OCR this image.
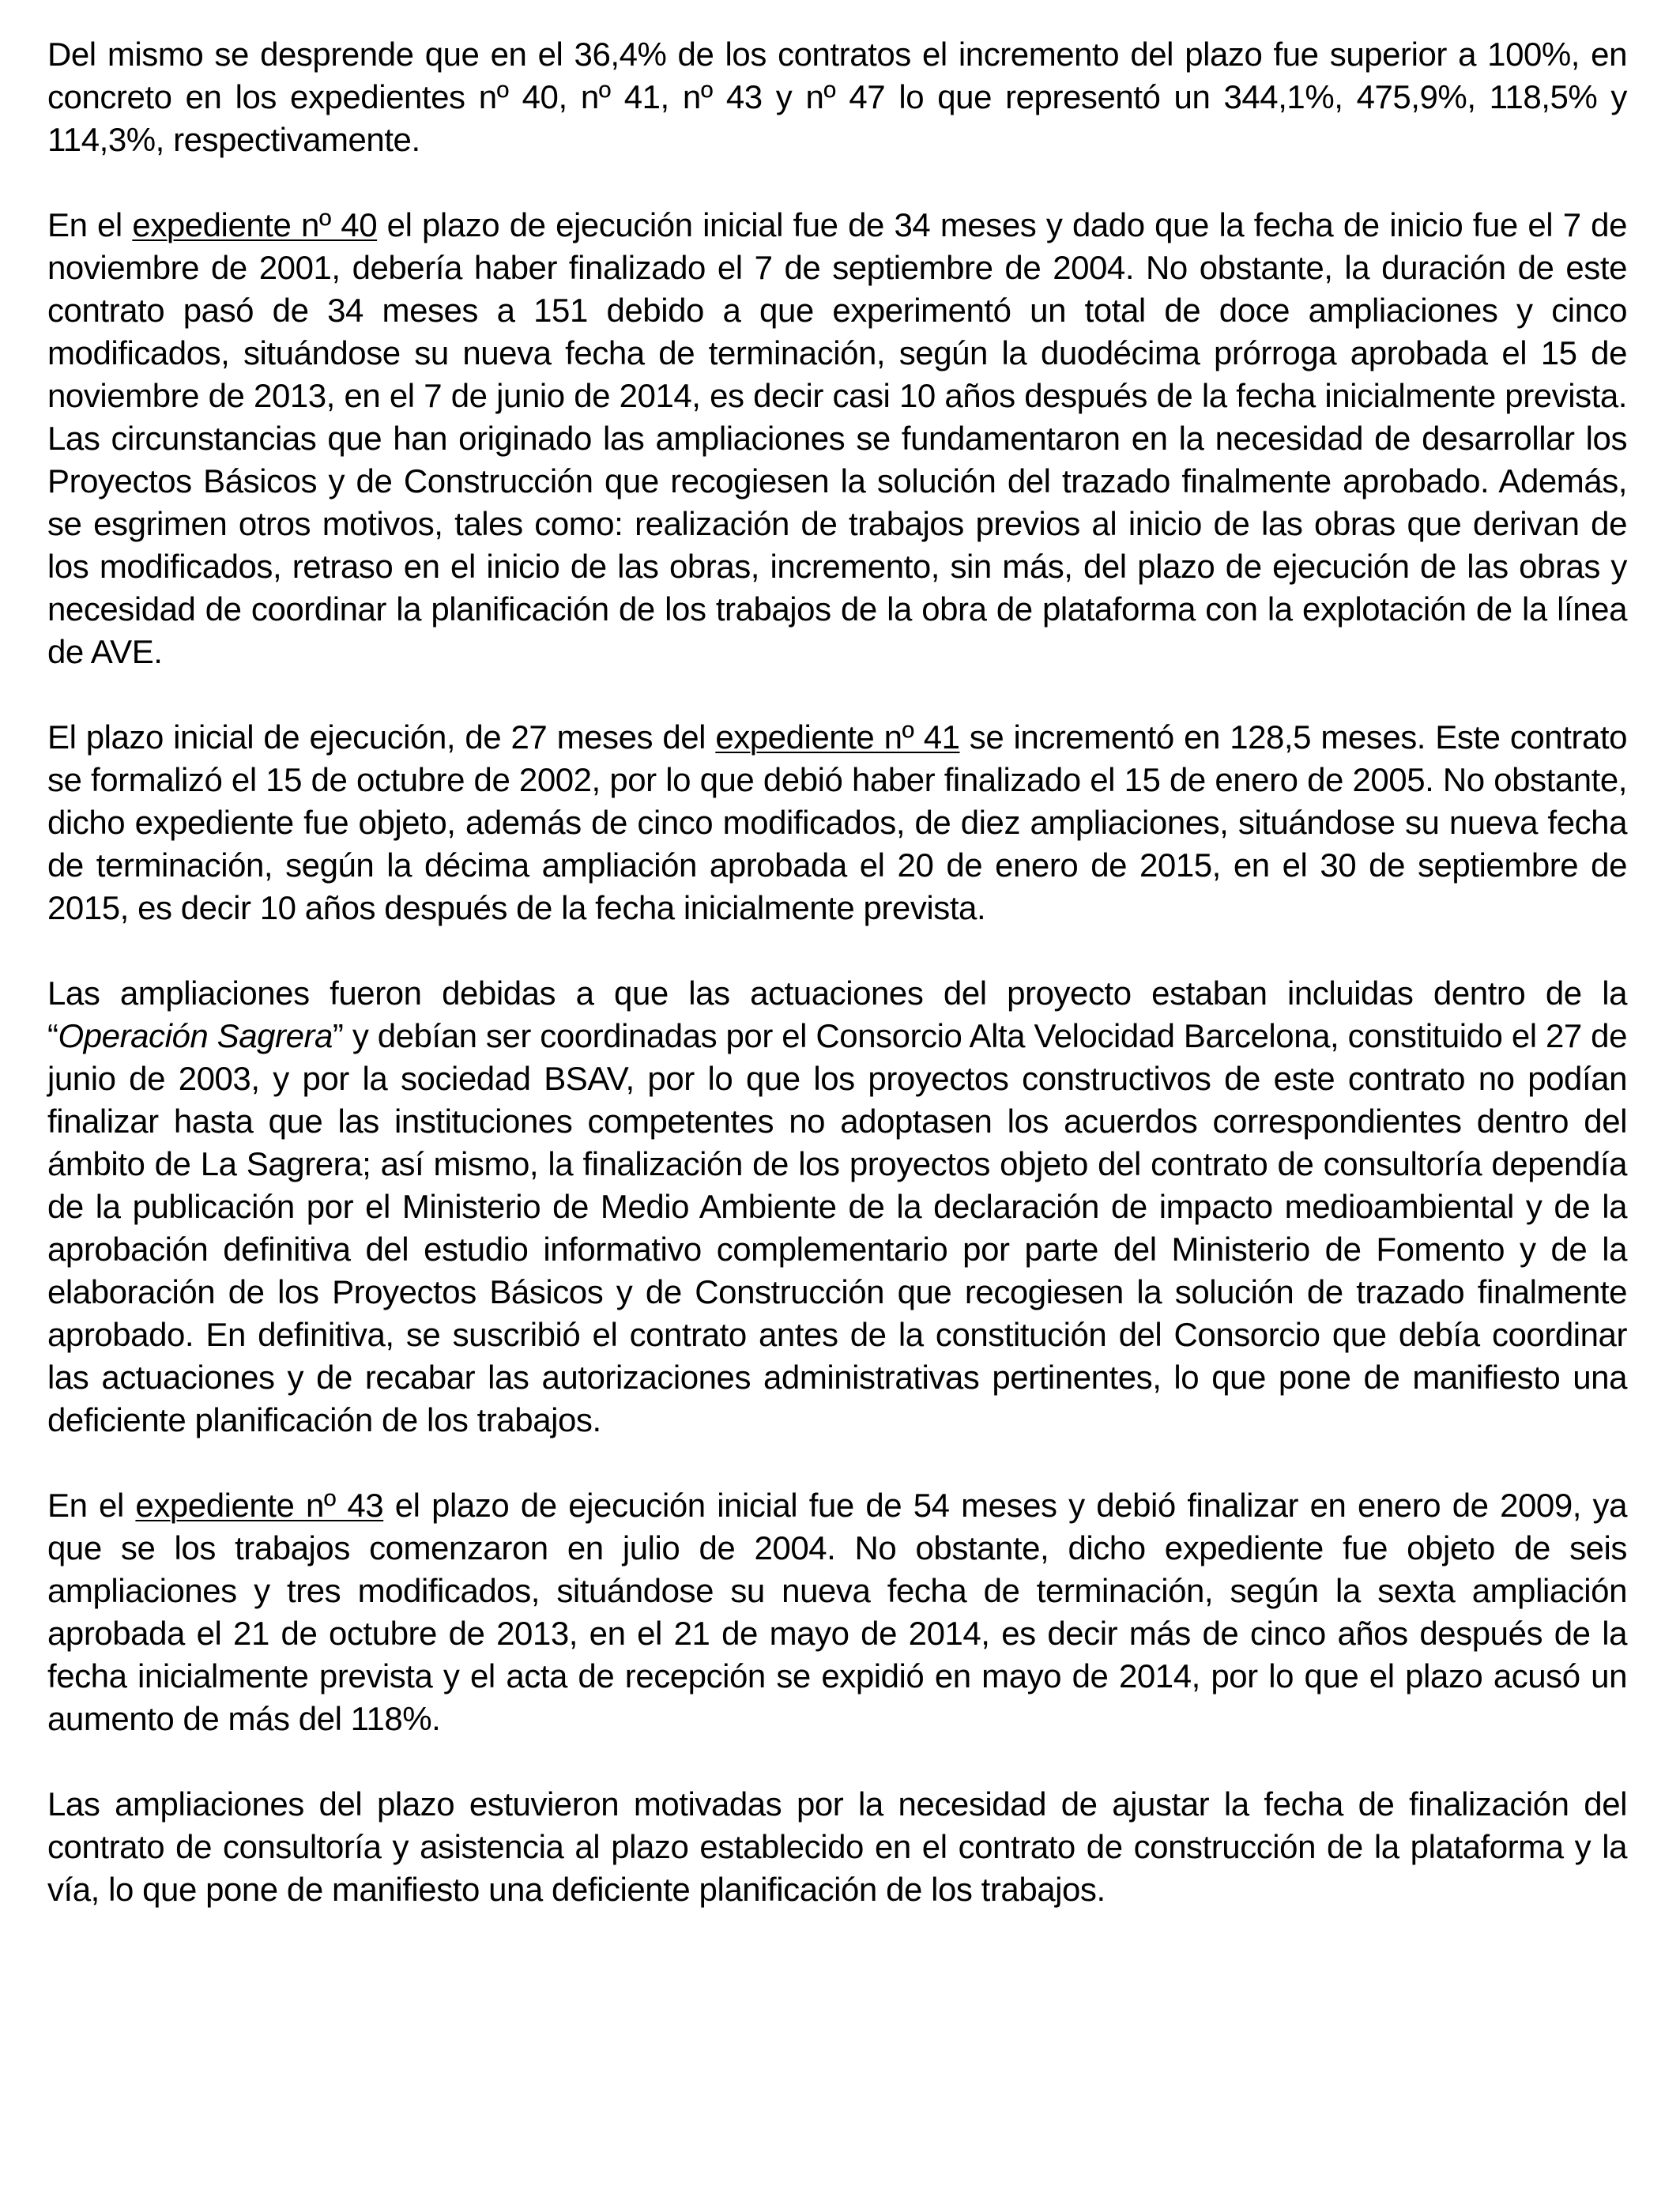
Del mismo se desprende que en el 36,4% de los contratos el incremento del plazo fue superior a 100%, en concreto en los expedientes nº 40, nº 41, nº 43 y nº 47 lo que representó un 344,1%, 475,9%, 118,5% y 114,3%, respectivamente.

En el expediente nº 40 el plazo de ejecución inicial fue de 34 meses y dado que la fecha de inicio fue el 7 de noviembre de 2001, debería haber finalizado el 7 de septiembre de 2004. No obstante, la duración de este contrato pasó de 34 meses a 151 debido a que experimentó un total de doce ampliaciones y cinco modificados, situándose su nueva fecha de terminación, según la duodécima prórroga aprobada el 15 de noviembre de 2013, en el 7 de junio de 2014, es decir casi 10 años después de la fecha inicialmente prevista. Las circunstancias que han originado las ampliaciones se fundamentaron en la necesidad de desarrollar los Proyectos Básicos y de Construcción que recogiesen la solución del trazado finalmente aprobado. Además, se esgrimen otros motivos, tales como: realización de trabajos previos al inicio de las obras que derivan de los modificados, retraso en el inicio de las obras, incremento, sin más, del plazo de ejecución de las obras y necesidad de coordinar la planificación de los trabajos de la obra de plataforma con la explotación de la línea de AVE.

El plazo inicial de ejecución, de 27 meses del expediente nº 41 se incrementó en 128,5 meses. Este contrato se formalizó el 15 de octubre de 2002, por lo que debió haber finalizado el 15 de enero de 2005. No obstante, dicho expediente fue objeto, además de cinco modificados, de diez ampliaciones, situándose su nueva fecha de terminación, según la décima ampliación aprobada el 20 de enero de 2015, en el 30 de septiembre de 2015, es decir 10 años después de la fecha inicialmente prevista.

Las ampliaciones fueron debidas a que las actuaciones del proyecto estaban incluidas dentro de la “Operación Sagrera” y debían ser coordinadas por el Consorcio Alta Velocidad Barcelona, constituido el 27 de junio de 2003, y por la sociedad BSAV, por lo que los proyectos constructivos de este contrato no podían finalizar hasta que las instituciones competentes no adoptasen los acuerdos correspondientes dentro del ámbito de La Sagrera; así mismo, la finalización de los proyectos objeto del contrato de consultoría dependía de la publicación por el Ministerio de Medio Ambiente de la declaración de impacto medioambiental y de la aprobación definitiva del estudio informativo complementario por parte del Ministerio de Fomento y de la elaboración de los Proyectos Básicos y de Construcción que recogiesen la solución de trazado finalmente aprobado. En definitiva, se suscribió el contrato antes de la constitución del Consorcio que debía coordinar las actuaciones y de recabar las autorizaciones administrativas pertinentes, lo que pone de manifiesto una deficiente planificación de los trabajos.

En el expediente nº 43 el plazo de ejecución inicial fue de 54 meses y debió finalizar en enero de 2009, ya que se los trabajos comenzaron en julio de 2004. No obstante, dicho expediente fue objeto de seis ampliaciones y tres modificados, situándose su nueva fecha de terminación, según la sexta ampliación aprobada el 21 de octubre de 2013, en el 21 de mayo de 2014, es decir más de cinco años después de la fecha inicialmente prevista y el acta de recepción se expidió en mayo de 2014, por lo que el plazo acusó un aumento de más del 118%.

Las ampliaciones del plazo estuvieron motivadas por la necesidad de ajustar la fecha de finalización del contrato de consultoría y asistencia al plazo establecido en el contrato de construcción de la plataforma y la vía, lo que pone de manifiesto una deficiente planificación de los trabajos.
